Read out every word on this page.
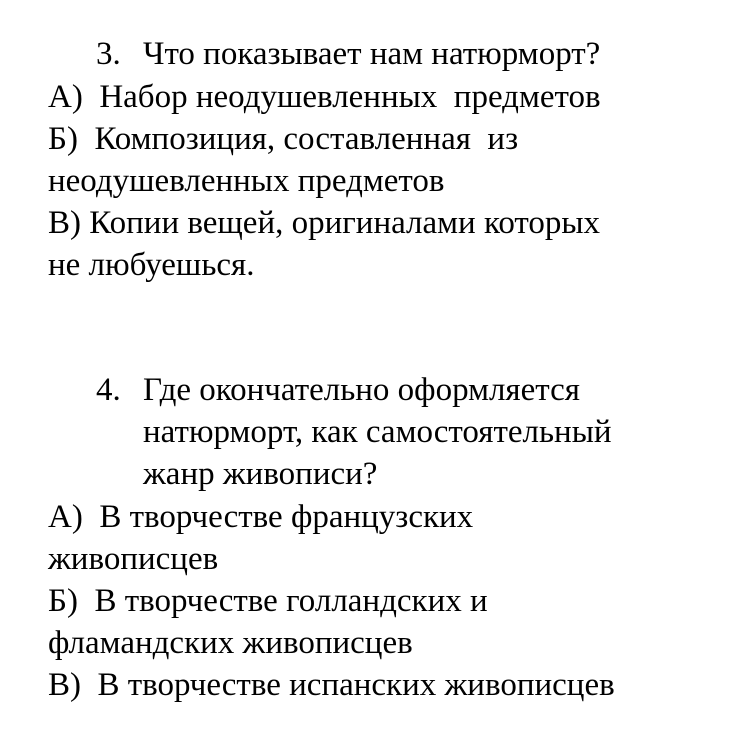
3. Что показывает нам натюрморт?
А)  Набор неодушевленных  предметов
Б)  Композиция, составленная  из
неодушевленных предметов
В) Копии вещей, оригиналами которых
не любуешься.
4. Где окончательно оформляется
натюрморт, как самостоятельный
жанр живописи?
А)  В творчестве французских
живописцев
Б)  В творчестве голландских и
фламандских живописцев
В)  В творчестве испанских живописцев
